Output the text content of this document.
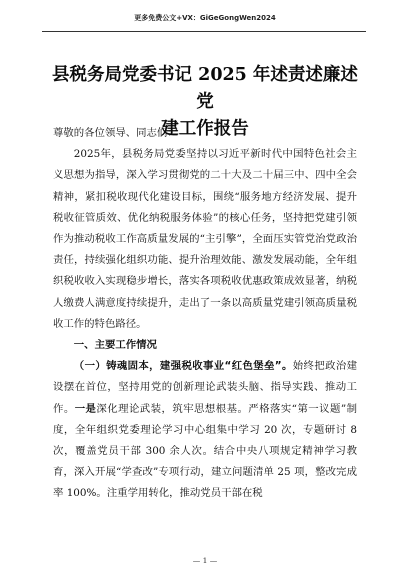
更多免费公文+VX：GiGeGongWen2024
县税务局党委书记 2025 年述责述廉述党
建工作报告

尊敬的各位领导、同志们：

2025年，县税务局党委坚持以习近平新时代中国特色社会主义思想为指导，深入学习贯彻党的二十大及二十届三中、四中全会精神，紧扣税收现代化建设目标，围绕“服务地方经济发展、提升税收征管质效、优化纳税服务体验”的核心任务，坚持把党建引领作为推动税收工作高质量发展的“主引擎”，全面压实管党治党政治责任，持续强化组织功能、提升治理效能、激发发展动能，全年组织税收收入实现稳步增长，落实各项税收优惠政策成效显著，纳税人缴费人满意度持续提升，走出了一条以高质量党建引领高质量税收工作的特色路径。

一、主要工作情况

（一）铸魂固本，建强税收事业“红色堡垒”。始终把政治建设摆在首位，坚持用党的创新理论武装头脑、指导实践、推动工作。一是深化理论武装，筑牢思想根基。严格落实“第一议题”制度，全年组织党委理论学习中心组集中学习 20 次，专题研讨 8 次，覆盖党员干部 300 余人次。结合中央八项规定精神学习教育，深入开展“学查改”专项行动，建立问题清单 25 项，整改完成率 100%。注重学用转化，推动党员干部在税

— 1 —
